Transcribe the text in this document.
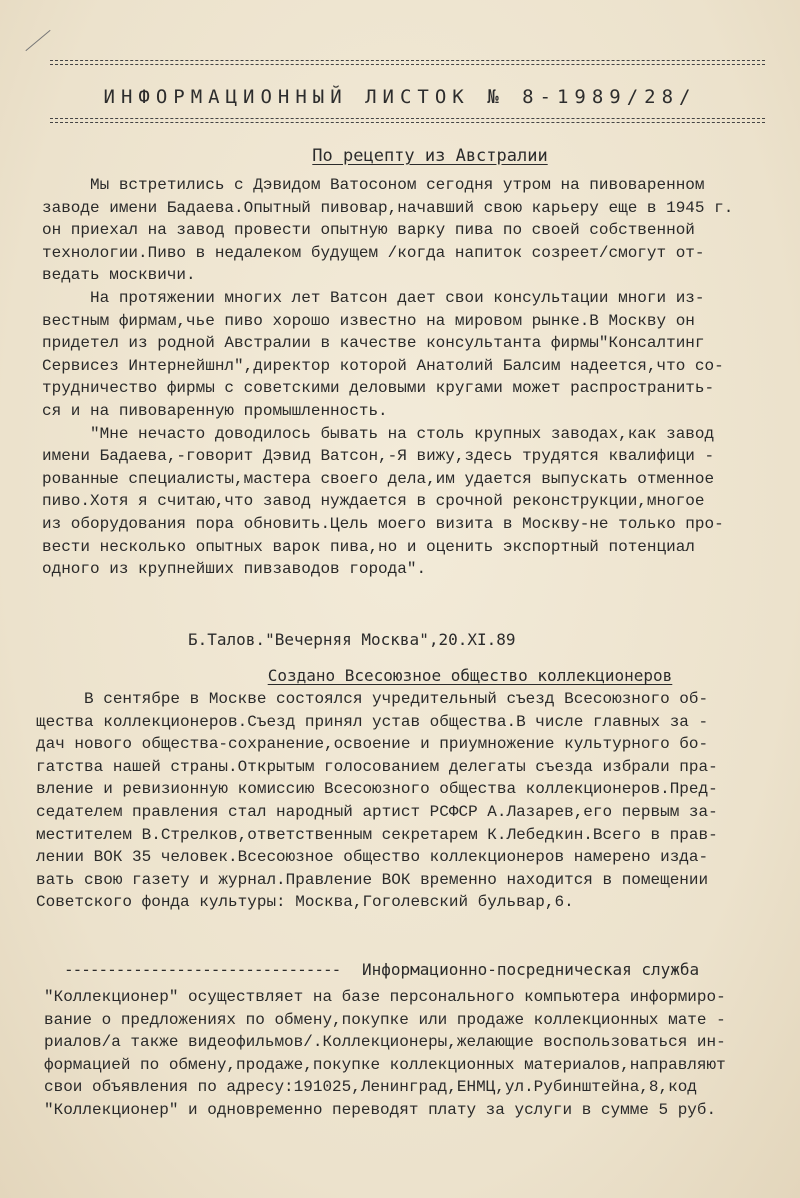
ИНФОРМАЦИОННЫЙ ЛИСТОК № 8-1989/28/
По рецепту из Австралии
Мы встретились с Дэвидом Ватосоном сегодня утром на пивоваренном
заводе имени Бадаева.Опытный пивовар,начавший свою карьеру еще в 1945 г.
он приехал на завод провести опытную варку пива по своей собственной
технологии.Пиво в недалеком будущем /когда напиток созреет/смогут от-
ведать москвичи.
На протяжении многих лет Ватсон дает свои консультации многи из-
вестным фирмам,чье пиво хорошо известно на мировом рынке.В Москву он
придетел из родной Австралии в качестве консультанта фирмы"Консалтинг
Сервисез Интернейшнл",директор которой Анатолий Балсим надеется,что со-
трудничество фирмы с советскими деловыми кругами может распространить-
ся и на пивоваренную промышленность.
"Мне нечасто доводилось бывать на столь крупных заводах,как завод
имени Бадаева,-говорит Дэвид Ватсон,-Я вижу,здесь трудятся квалифици -
рованные специалисты,мастера своего дела,им удается выпускать отменное
пиво.Хотя я считаю,что завод нуждается в срочной реконструкции,многое
из оборудования пора обновить.Цель моего визита в Москву-не только про-
вести несколько опытных варок пива,но и оценить экспортный потенциал
одного из крупнейших пивзаводов города".

Б.Талов."Вечерняя Москва",20.XI.89
Создано Всесоюзное общество коллекционеров
В сентябре в Москве состоялся учредительный съезд Всесоюзного об-
щества коллекционеров.Съезд принял устав общества.В числе главных за -
дач нового общества-сохранение,освоение и приумножение культурного бо-
гатства нашей страны.Открытым голосованием делегаты съезда избрали пра-
вление и ревизионную комиссию Всесоюзного общества коллекционеров.Пред-
седателем правления стал народный артист РСФСР А.Лазарев,его первым за-
местителем В.Стрелков,ответственным секретарем К.Лебедкин.Всего в прав-
лении ВОК 35 человек.Всесоюзное общество коллекционеров намерено изда-
вать свою газету и журнал.Правление ВОК временно находится в помещении
Советского фонда культуры: Москва,Гоголевский бульвар,6.

-------------------------------- Информационно-посредническая служба
"Коллекционер" осуществляет на базе персонального компьютера информиро-
вание о предложениях по обмену,покупке или продаже коллекционных мате -
риалов/а также видеофильмов/.Коллекционеры,желающие воспользоваться ин-
формацией по обмену,продаже,покупке коллекционных материалов,направляют
свои объявления по адресу:191025,Ленинград,ЕНМЦ,ул.Рубинштейна,8,код
"Коллекционер" и одновременно переводят плату за услуги в сумме 5 руб.
